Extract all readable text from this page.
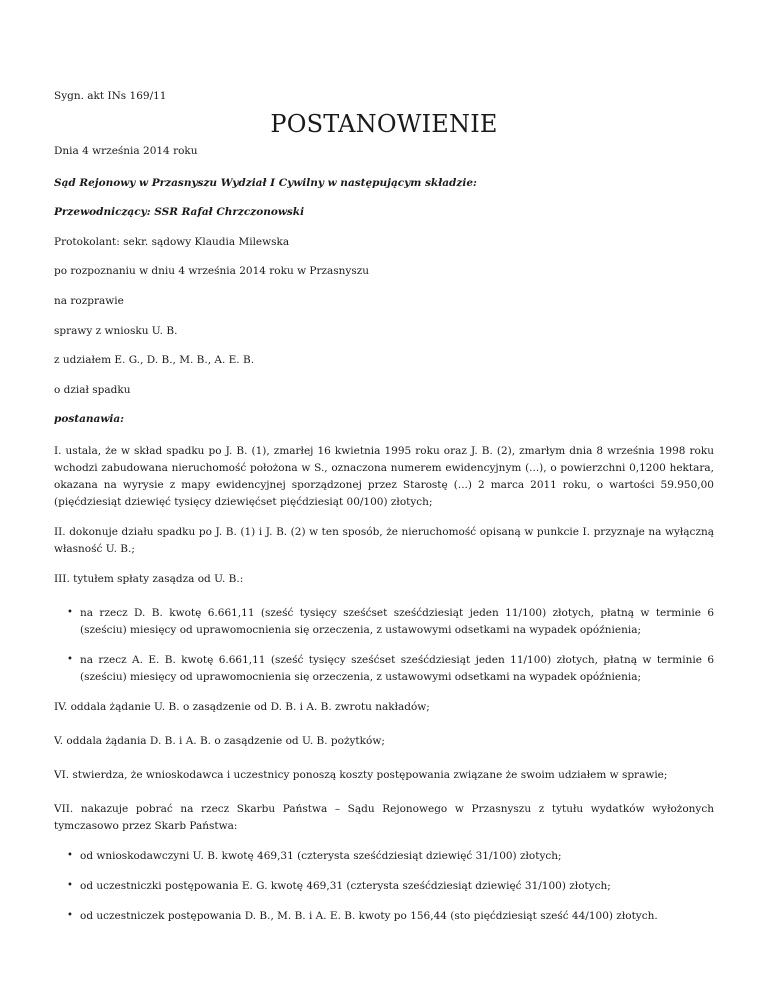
Sygn. akt INs 169/11

POSTANOWIENIE

Dnia 4 września 2014 roku

Sąd Rejonowy w Przasnyszu Wydział I Cywilny w następującym składzie:

Przewodniczący: SSR Rafał Chrzczonowski

Protokolant: sekr. sądowy Klaudia Milewska

po rozpoznaniu w dniu 4 września 2014 roku w Przasnyszu

na rozprawie

sprawy z wniosku U. B.

z udziałem E. G., D. B., M. B., A. E. B.

o dział spadku

postanawia:

I. ustala, że w skład spadku po J. B. (1), zmarłej 16 kwietnia 1995 roku oraz J. B. (2), zmarłym dnia 8 września 1998 roku wchodzi zabudowana nieruchomość położona w S., oznaczona numerem ewidencyjnym (...), o powierzchni 0,1200 hektara, okazana na wyrysie z mapy ewidencyjnej sporządzonej przez Starostę (...) 2 marca 2011 roku, o wartości 59.950,00 (pięćdziesiąt dziewięć tysięcy dziewięćset pięćdziesiąt 00/100) złotych;

II. dokonuje działu spadku po J. B. (1) i J. B. (2) w ten sposób, że nieruchomość opisaną w punkcie I. przyznaje na wyłączną własność U. B.;

III. tytułem spłaty zasądza od U. B.:

• na rzecz D. B. kwotę 6.661,11 (sześć tysięcy sześćset sześćdziesiąt jeden 11/100) złotych, płatną w terminie 6 (sześciu) miesięcy od uprawomocnienia się orzeczenia, z ustawowymi odsetkami na wypadek opóźnienia;
• na rzecz A. E. B. kwotę 6.661,11 (sześć tysięcy sześćset sześćdziesiąt jeden 11/100) złotych, płatną w terminie 6 (sześciu) miesięcy od uprawomocnienia się orzeczenia, z ustawowymi odsetkami na wypadek opóźnienia;

IV. oddala żądanie U. B. o zasądzenie od D. B. i A. B. zwrotu nakładów;

V. oddala żądania D. B. i A. B. o zasądzenie od U. B. pożytków;

VI. stwierdza, że wnioskodawca i uczestnicy ponoszą koszty postępowania związane że swoim udziałem w sprawie;

VII. nakazuje pobrać na rzecz Skarbu Państwa – Sądu Rejonowego w Przasnyszu z tytułu wydatków wyłożonych tymczasowo przez Skarb Państwa:

• od wnioskodawczyni U. B. kwotę 469,31 (czterysta sześćdziesiąt dziewięć 31/100) złotych;
• od uczestniczki postępowania E. G. kwotę 469,31 (czterysta sześćdziesiąt dziewięć 31/100) złotych;
• od uczestniczek postępowania D. B., M. B. i A. E. B. kwoty po 156,44 (sto pięćdziesiąt sześć 44/100) złotych.
